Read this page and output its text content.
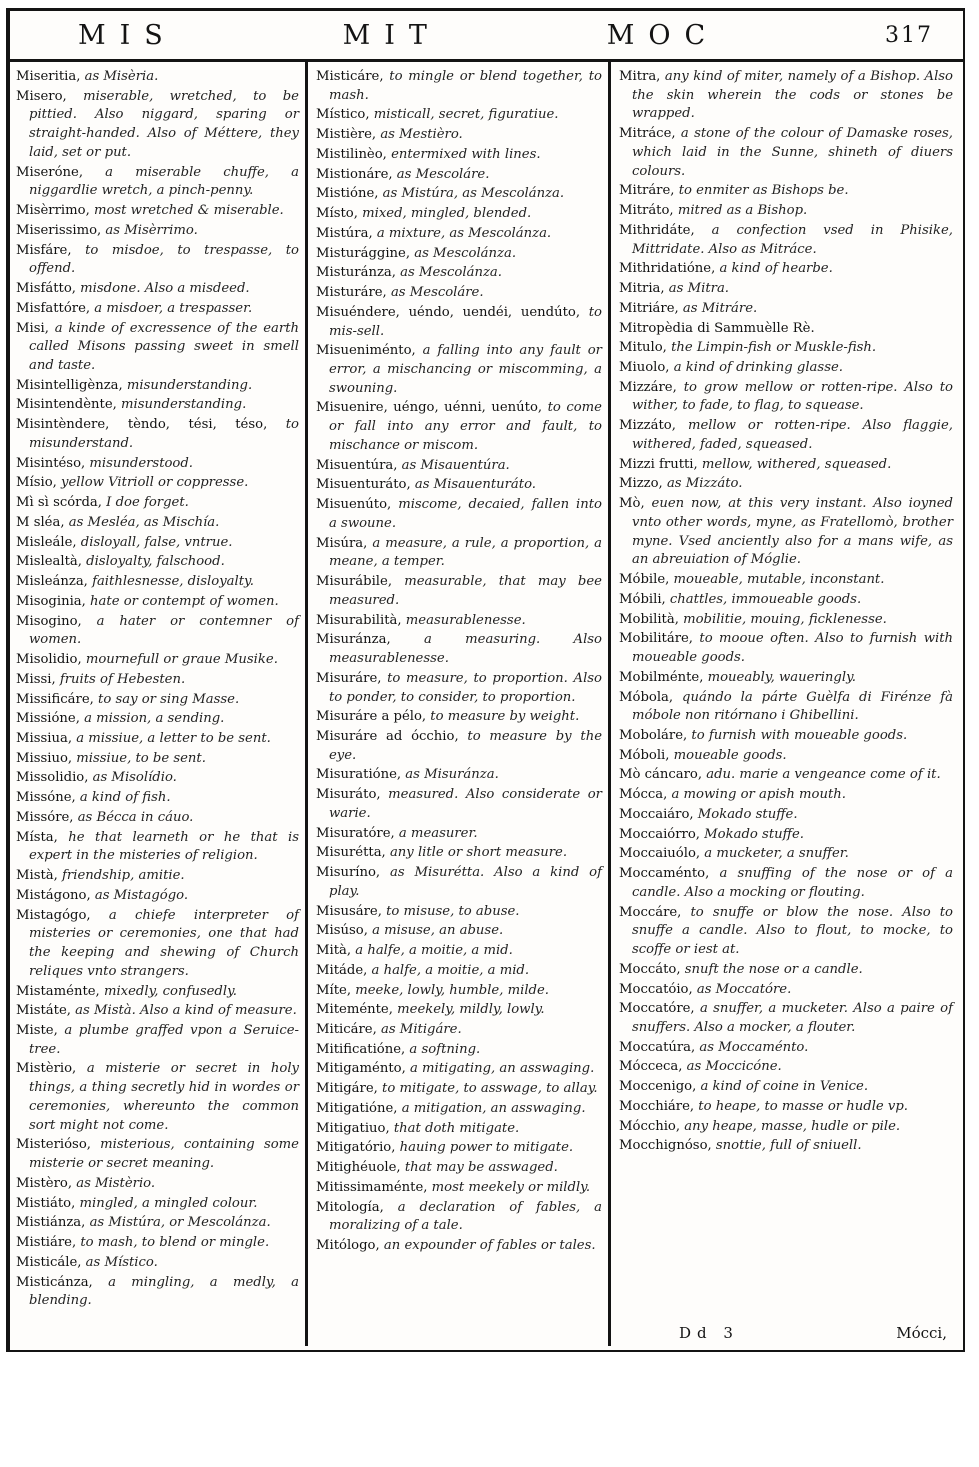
MIS	MIT	MOC	317

Miseritia, as Misèria.

Misero, miserable, wretched, to be pittied. Also niggard, sparing or straight-handed. Also of Méttere, they laid, set or put.

Miseróne, a miserable chuffe, a niggardlie wretch, a pinch-penny.

Misèrrimo, most wretched & miserable.

Miserissimo, as Misèrrimo.

Misfáre, to misdoe, to trespasse, to offend.

Misfátto, misdone. Also a misdeed.

Misfattóre, a misdoer, a trespasser.

Misi, a kinde of excressence of the earth called Misons passing sweet in smell and taste.

Misintelligènza, misunderstanding.

Misintendènte, misunderstanding.

Misintèndere, tèndo, tési, téso, to misunderstand.

Misintéso, misunderstood.

Mísio, yellow Vitrioll or coppresse.

Mì sì scórda, I doe forget.

M sléa, as Mesléa, as Mischía.

Misleále, disloyall, false, vntrue.

Mislealtà, disloyalty, falschood.

Misleánza, faithlesnesse, disloyalty.

Misoginia, hate or contempt of women.

Misogino, a hater or contemner of women.

Misolidio, mournefull or graue Musike.

Missi, fruits of Hebesten.

Missificáre, to say or sing Masse.

Missióne, a mission, a sending.

Missiua, a missiue, a letter to be sent.

Missiuo, missiue, to be sent.

Missolidio, as Misolídio.

Missóne, a kind of fish.

Missóre, as Bécca in cáuo.

Místa, he that learneth or he that is expert in the misteries of religion.

Mistà, friendship, amitie.

Mistágono, as Mistagógo.

Mistagógo, a chiefe interpreter of misteries or ceremonies, one that had the keeping and shewing of Church reliques vnto strangers.

Mistaménte, mixedly, confusedly.

Mistáte, as Mistà. Also a kind of measure.

Miste, a plumbe graffed vpon a Seruice-tree.

Mistèrio, a misterie or secret in holy things, a thing secretly hid in wordes or ceremonies, whereunto the common sort might not come.

Misterióso, misterious, containing some misterie or secret meaning.

Mistèro, as Mistèrio.

Mistiáto, mingled, a mingled colour.

Mistiánza, as Mistúra, or Mescolánza.

Mistiáre, to mash, to blend or mingle.

Misticále, as Místico.

Misticánza, a mingling, a medly, a blending.

Misticáre, to mingle or blend together, to mash.

Místico, misticall, secret, figuratiue.

Mistière, as Mestièro.

Mistilinèo, entermixed with lines.

Mistionáre, as Mescoláre.

Mistióne, as Mistúra, as Mescolánza.

Místo, mixed, mingled, blended.

Mistúra, a mixture, as Mescolánza.

Misturággine, as Mescolánza.

Misturánza, as Mescolánza.

Misturáre, as Mescoláre.

Misuéndere, uéndo, uendéi, uendúto, to mis-sell.

Misueniménto, a falling into any fault or error, a mischancing or miscomming, a swouning.

Misuenire, uéngo, uénni, uenúto, to come or fall into any error and fault, to mischance or miscom.

Misuentúra, as Misauentúra.

Misuenturáto, as Misauenturáto.

Misuenúto, miscome, decaied, fallen into a swoune.

Misúra, a measure, a rule, a proportion, a meane, a temper.

Misurábile, measurable, that may bee measured.

Misurabilità, measurablenesse.

Misuránza, a measuring. Also measurablenesse.

Misuráre, to measure, to proportion. Also to ponder, to consider, to proportion.

Misuráre a pélo, to measure by weight.

Misuráre ad ócchio, to measure by the eye.

Misuratióne, as Misuránza.

Misuráto, measured. Also considerate or warie.

Misuratóre, a measurer.

Misurétta, any litle or short measure.

Misuríno, as Misurétta. Also a kind of play.

Misusáre, to misuse, to abuse.

Misúso, a misuse, an abuse.

Mità, a halfe, a moitie, a mid.

Mitáde, a halfe, a moitie, a mid.

Míte, meeke, lowly, humble, milde.

Miteménte, meekely, mildly, lowly.

Miticáre, as Mitigáre.

Mitificatióne, a softning.

Mitigaménto, a mitigating, an asswaging.

Mitigáre, to mitigate, to asswage, to allay.

Mitigatióne, a mitigation, an asswaging.

Mitigatiuo, that doth mitigate.

Mitigatório, hauing power to mitigate.

Mitighéuole, that may be asswaged.

Mitissimaménte, most meekely or mildly.

Mitología, a declaration of fables, a moralizing of a tale.

Mitólogo, an expounder of fables or tales.

Mitra, any kind of miter, namely of a Bishop. Also the skin wherein the cods or stones be wrapped.

Mitráce, a stone of the colour of Damaske roses, which laid in the Sunne, shineth of diuers colours.

Mitráre, to enmiter as Bishops be.

Mitráto, mitred as a Bishop.

Mithridáte, a confection vsed in Phisike, Mittridate. Also as Mitráce.

Mithridatióne, a kind of hearbe.

Mitria, as Mitra.

Mitriáre, as Mitráre.

Mitropèdia di Sammuèlle Rè.

Mitulo, the Limpin-fish or Muskle-fish.

Miuolo, a kind of drinking glasse.

Mizzáre, to grow mellow or rotten-ripe. Also to wither, to fade, to flag, to squease.

Mizzáto, mellow or rotten-ripe. Also flaggie, withered, faded, squeased.

Mizzi frutti, mellow, withered, squeased.

Mizzo, as Mizzáto.

Mò, euen now, at this very instant. Also ioyned vnto other words, myne, as Fratellomò, brother myne. Vsed anciently also for a mans wife, as an abreuiation of Móglie.

Móbile, moueable, mutable, inconstant.

Móbili, chattles, immoueable goods.

Mobilità, mobilitie, mouing, ficklenesse.

Mobilitáre, to mooue often. Also to furnish with moueable goods.

Mobilménte, moueably, waueringly.

Móbola, quándo la párte Guèlfa di Firénze fà móbole non ritórnano i Ghibellini.

Moboláre, to furnish with moueable goods.

Móboli, moueable goods.

Mò cáncaro, adu. marie a vengeance come of it.

Mócca, a mowing or apish mouth.

Moccaiáro, Mokado stuffe.

Moccaiórro, Mokado stuffe.

Moccaiuólo, a mucketer, a snuffer.

Moccaménto, a snuffing of the nose or of a candle. Also a mocking or flouting.

Moccáre, to snuffe or blow the nose. Also to snuffe a candle. Also to flout, to mocke, to scoffe or iest at.

Moccáto, snuft the nose or a candle.

Moccatóio, as Moccatóre.

Moccatóre, a snuffer, a mucketer. Also a paire of snuffers. Also a mocker, a flouter.

Moccatúra, as Moccaménto.

Mócceca, as Moccicóne.

Moccenigo, a kind of coine in Venice.

Mocchiáre, to heape, to masse or hudle vp.

Mócchio, any heape, masse, hudle or pile.

Mocchignóso, snottie, full of sniuell.

Dd 3	Mócci,
